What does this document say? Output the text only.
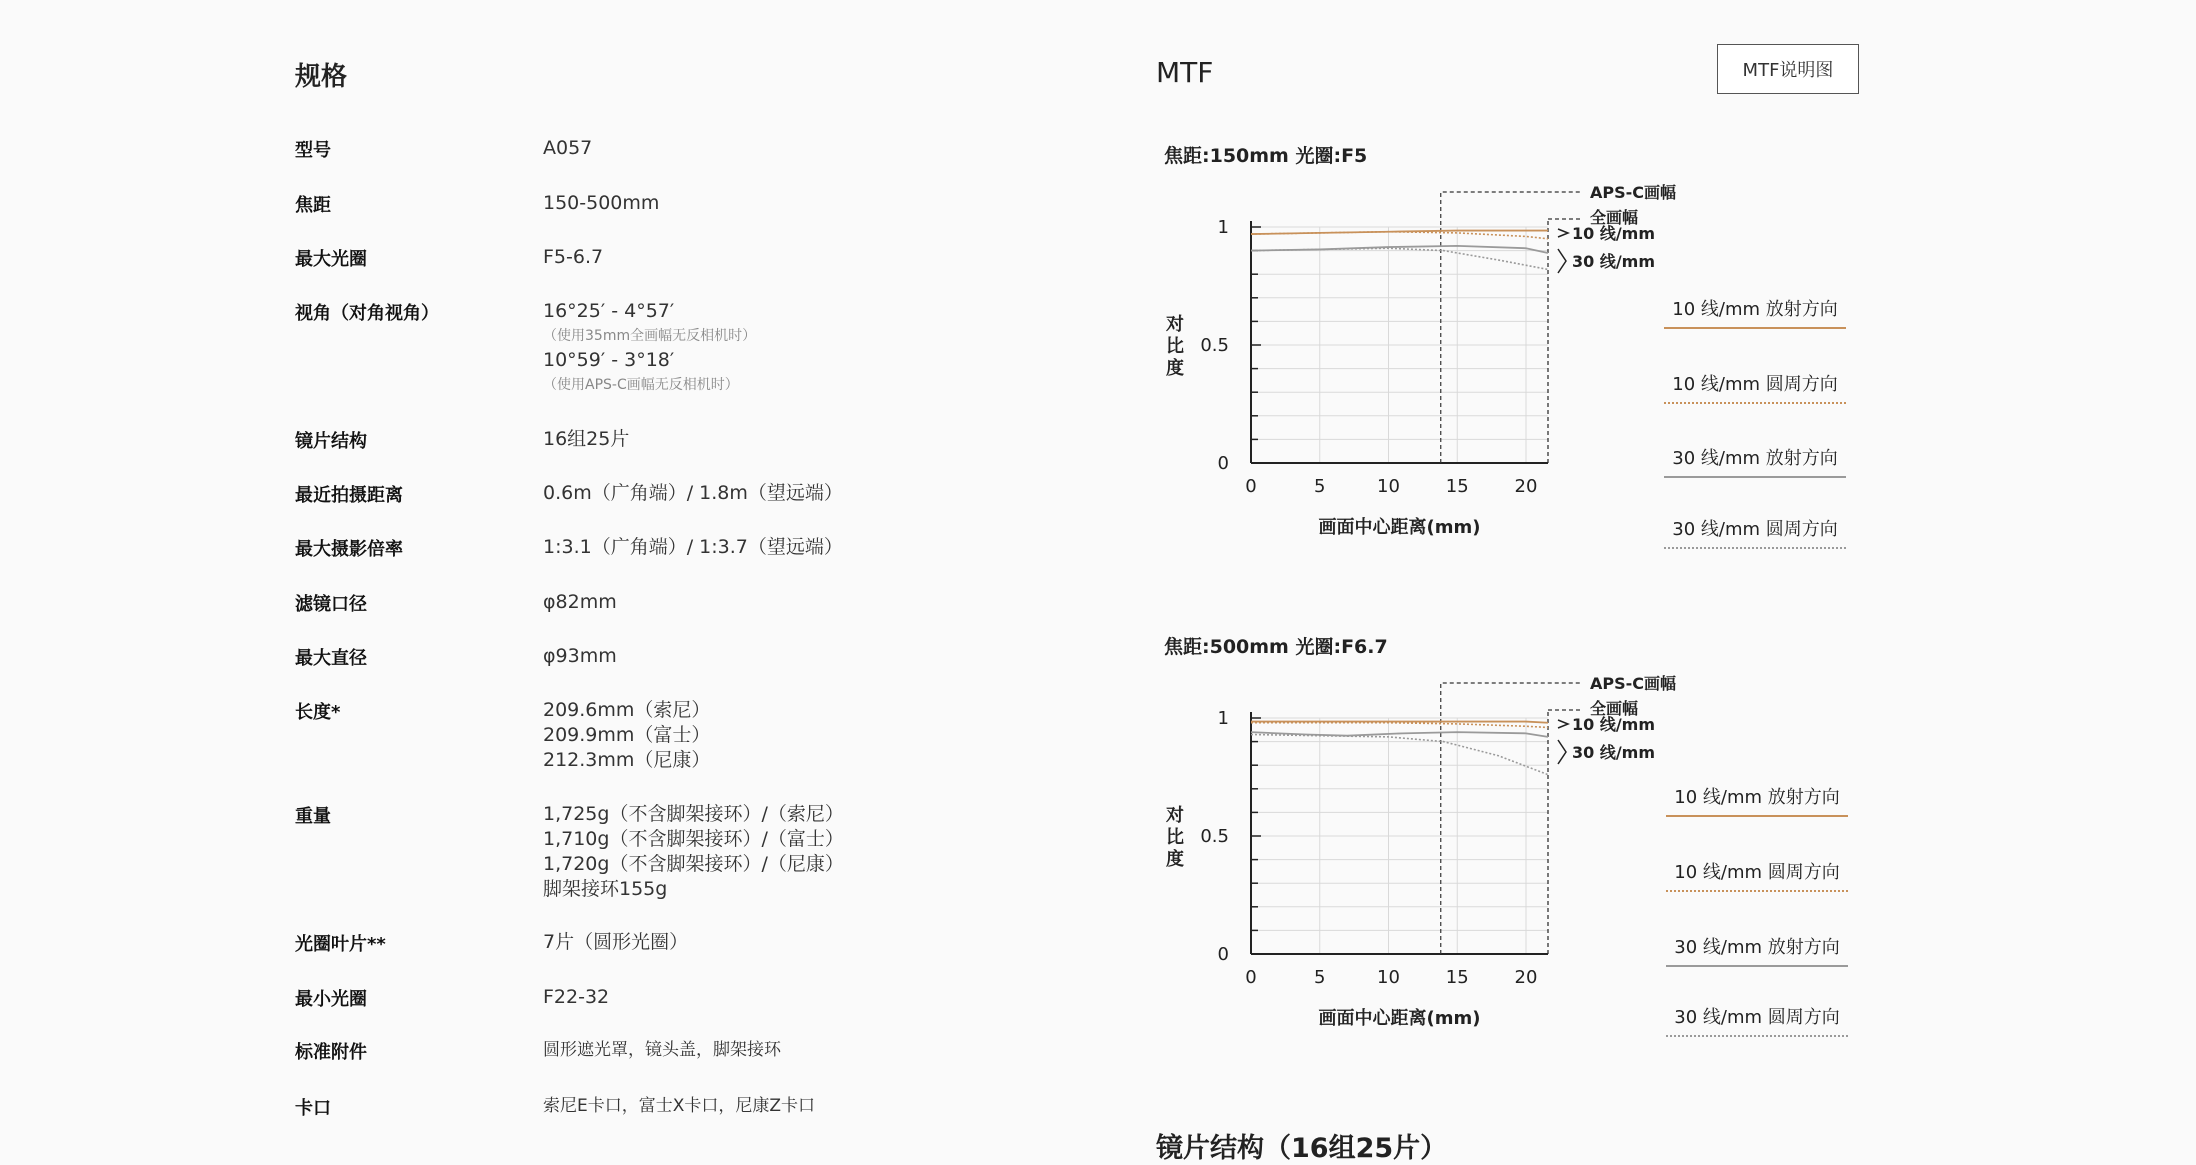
规格
型号	A057
焦距	150-500mm
最大光圈	F5-6.7
视角（对角视角）	16°25′ - 4°57′
（使用35mm全画幅无反相机时）
10°59′ - 3°18′
（使用APS-C画幅无反相机时）
镜片结构	16组25片
最近拍摄距离	0.6m（广角端）/ 1.8m（望远端）
最大摄影倍率	1:3.1（广角端）/ 1:3.7（望远端）
滤镜口径	φ82mm
最大直径	φ93mm
长度*	209.6mm（索尼）
209.9mm（富士）
212.3mm（尼康）
重量	1,725g（不含脚架接环）/（索尼）
1,710g（不含脚架接环）/（富士）
1,720g（不含脚架接环）/（尼康）
脚架接环155g
光圈叶片**	7片（圆形光圈）
最小光圈	F22-32
标准附件	圆形遮光罩，镜头盖，脚架接环
卡口	索尼E卡口，富士X卡口，尼康Z卡口
MTF	MTF说明图
焦距:150mm 光圈:F5
0
0.5
1
0	5	10	15	20
画面中心距离(mm)
对比度
APS-C画幅
全画幅
10 线/mm
30 线/mm
焦距:500mm 光圈:F6.7
0
0.5
1
0	5	10	15	20
画面中心距离(mm)
对比度
APS-C画幅
全画幅
10 线/mm
30 线/mm
10 线/mm 放射方向
10 线/mm 圆周方向
30 线/mm 放射方向
30 线/mm 圆周方向
10 线/mm 放射方向
10 线/mm 圆周方向
30 线/mm 放射方向
30 线/mm 圆周方向
镜片结构（16组25片）
